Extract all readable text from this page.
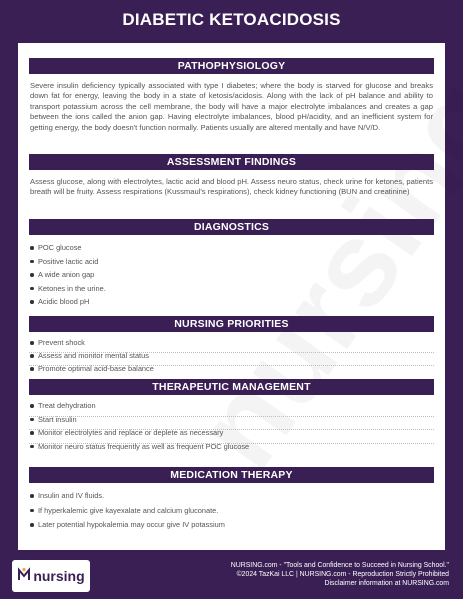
DIABETIC KETOACIDOSIS
PATHOPHYSIOLOGY
Severe insulin deficiency typically associated with type I diabetes; where the body is starved for glucose and breaks down fat for energy, leaving the body in a state of ketosis/acidosis. Along with the lack of pH balance and ability to transport potassium across the cell membrane, the body will have a major electrolyte imbalances and creates a gap between the ions called the anion gap. Having electrolyte imbalances, blood pH/acidity, and an inefficient system for getting energy, the body doesn't function normally. Patients usually are altered mentally and have N/V/D.
ASSESSMENT FINDINGS
Assess glucose, along with electrolytes, lactic acid and blood pH. Assess neuro status, check urine for ketones, patients breath will be fruity. Assess respirations (Kussmaul's respirations), check kidney functioning (BUN and creatinine)
DIAGNOSTICS
POC glucose
Positive lactic acid
A wide anion gap
Ketones in the urine.
Acidic blood pH
NURSING PRIORITIES
Prevent shock
Assess and monitor mental status
Promote optimal acid-base balance
THERAPEUTIC MANAGEMENT
Treat dehydration
Start insulin
Monitor electrolytes and replace or deplete as necessary
Monitor neuro status frequently as well as frequent POC glucose
MEDICATION THERAPY
Insulin and IV fluids.
If hyperkalemic give kayexalate and calcium gluconate.
Later potential hypokalemia may occur give IV potassium
nursing
NURSING.com - "Tools and Confidence to Succeed in Nursing School."
©2024 TazKai LLC | NURSING.com - Reproduction Strictly Prohibited
Disclaimer information at NURSING.com
